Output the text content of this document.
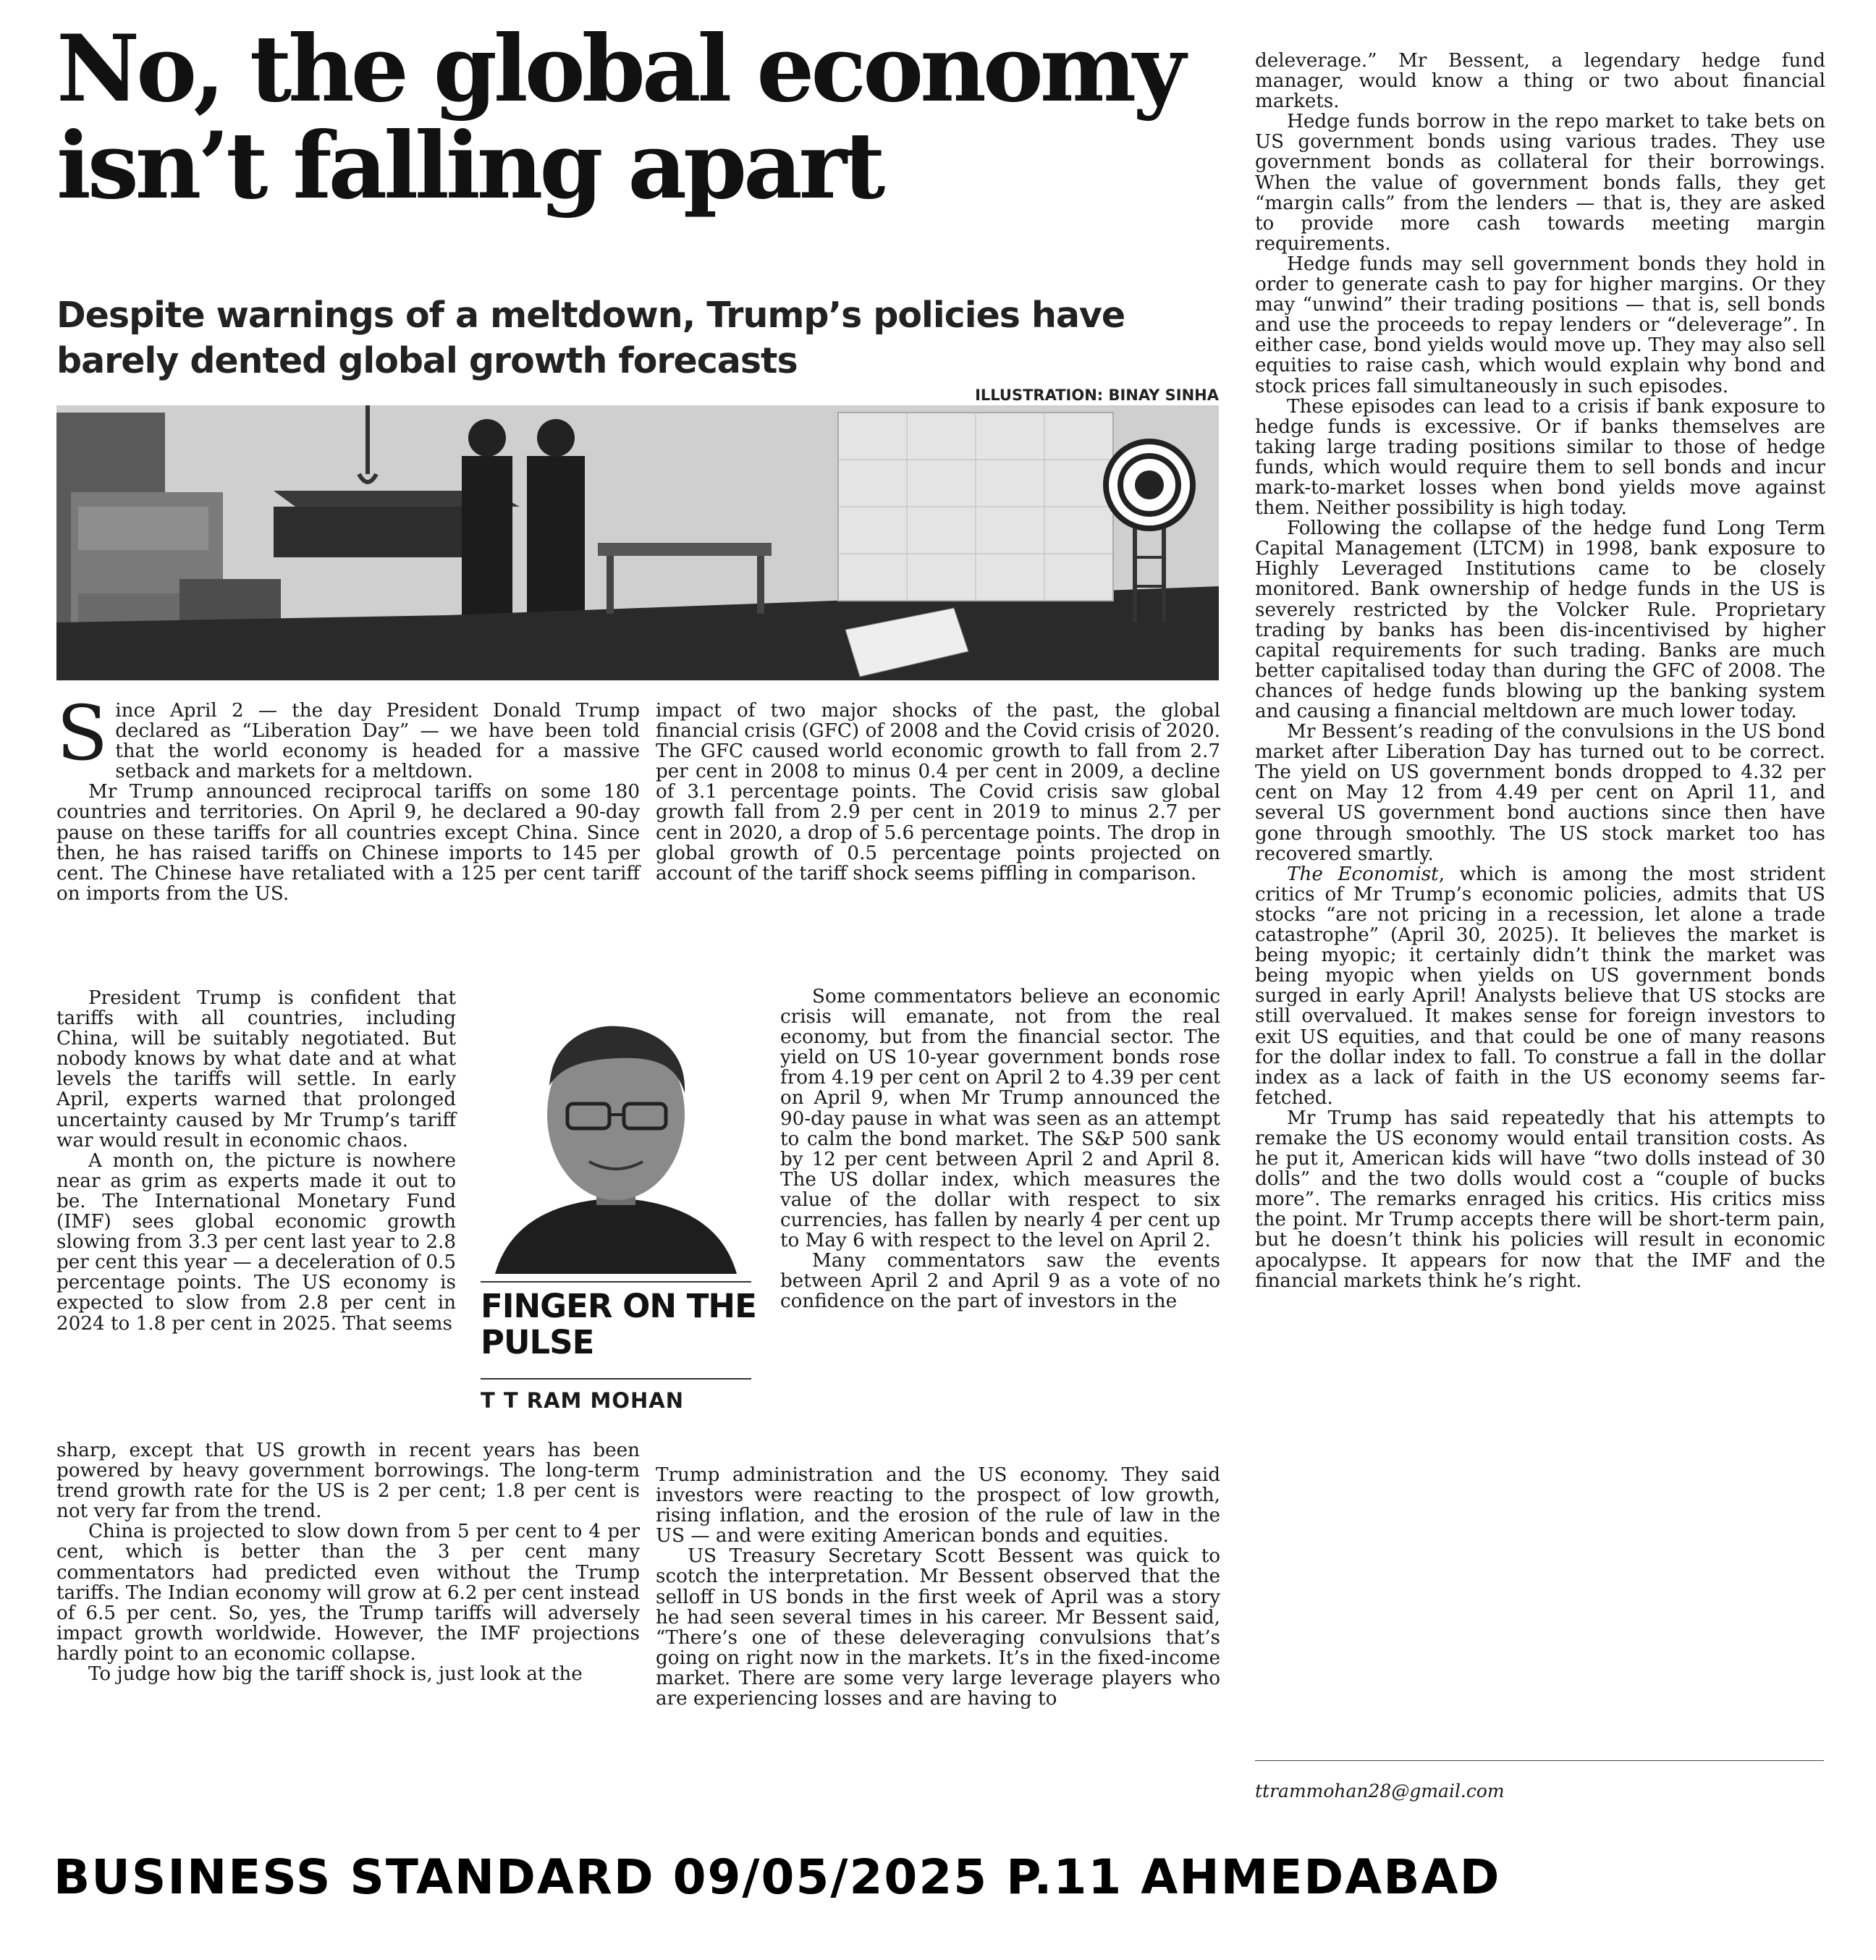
No, the global economy
isn’t falling apart
Despite warnings of a meltdown, Trump’s policies have
barely dented global growth forecasts
ILLUSTRATION: BINAY SINHA

Since April 2 — the day President Donald Trump declared as “Liberation Day” — we have been told that the world economy is headed for a massive setback and markets for a meltdown.

Mr Trump announced reciprocal tariffs on some 180 countries and territories. On April 9, he declared a 90-day pause on these tariffs for all countries except China. Since then, he has raised tariffs on Chinese imports to 145 per cent. The Chinese have retaliated with a 125 per cent tariff on imports from the US.

President Trump is confident that tariffs with all countries, including China, will be suitably negotiated. But nobody knows by what date and at what levels the tariffs will settle. In early April, experts warned that prolonged uncertainty caused by Mr Trump’s tariff war would result in economic chaos.

A month on, the picture is nowhere near as grim as experts made it out to be. The International Monetary Fund (IMF) sees global economic growth slowing from 3.3 per cent last year to 2.8 per cent this year — a deceleration of 0.5 percentage points. The US economy is expected to slow from 2.8 per cent in 2024 to 1.8 per cent in 2025. That seems

sharp, except that US growth in recent years has been powered by heavy government borrowings. The long-term trend growth rate for the US is 2 per cent; 1.8 per cent is not very far from the trend.

China is projected to slow down from 5 per cent to 4 per cent, which is better than the 3 per cent many commentators had predicted even without the Trump tariffs. The Indian economy will grow at 6.2 per cent instead of 6.5 per cent. So, yes, the Trump tariffs will adversely impact growth worldwide. However, the IMF projections hardly point to an economic collapse.

To judge how big the tariff shock is, just look at the

FINGER ON THE PULSE
T T RAM MOHAN

impact of two major shocks of the past, the global financial crisis (GFC) of 2008 and the Covid crisis of 2020. The GFC caused world economic growth to fall from 2.7 per cent in 2008 to minus 0.4 per cent in 2009, a decline of 3.1 percentage points. The Covid crisis saw global growth fall from 2.9 per cent in 2019 to minus 2.7 per cent in 2020, a drop of 5.6 percentage points. The drop in global growth of 0.5 percentage points projected on account of the tariff shock seems piffling in comparison.

Some commentators believe an economic crisis will emanate, not from the real economy, but from the financial sector. The yield on US 10-year government bonds rose from 4.19 per cent on April 2 to 4.39 per cent on April 9, when Mr Trump announced the 90-day pause in what was seen as an attempt to calm the bond market. The S&P 500 sank by 12 per cent between April 2 and April 8. The US dollar index, which measures the value of the dollar with respect to six currencies, has fallen by nearly 4 per cent up to May 6 with respect to the level on April 2.

Many commentators saw the events between April 2 and April 9 as a vote of no confidence on the part of investors in the

Trump administration and the US economy. They said investors were reacting to the prospect of low growth, rising inflation, and the erosion of the rule of law in the US — and were exiting American bonds and equities.

US Treasury Secretary Scott Bessent was quick to scotch the interpretation. Mr Bessent observed that the selloff in US bonds in the first week of April was a story he had seen several times in his career. Mr Bessent said, “There’s one of these deleveraging convulsions that’s going on right now in the markets. It’s in the fixed-income market. There are some very large leverage players who are experiencing losses and are having to

deleverage.” Mr Bessent, a legendary hedge fund manager, would know a thing or two about financial markets.

Hedge funds borrow in the repo market to take bets on US government bonds using various trades. They use government bonds as collateral for their borrowings. When the value of government bonds falls, they get “margin calls” from the lenders — that is, they are asked to provide more cash towards meeting margin requirements.

Hedge funds may sell government bonds they hold in order to generate cash to pay for higher margins. Or they may “unwind” their trading positions — that is, sell bonds and use the proceeds to repay lenders or “deleverage”. In either case, bond yields would move up. They may also sell equities to raise cash, which would explain why bond and stock prices fall simultaneously in such episodes.

These episodes can lead to a crisis if bank exposure to hedge funds is excessive. Or if banks themselves are taking large trading positions similar to those of hedge funds, which would require them to sell bonds and incur mark-to-market losses when bond yields move against them. Neither possibility is high today.

Following the collapse of the hedge fund Long Term Capital Management (LTCM) in 1998, bank exposure to Highly Leveraged Institutions came to be closely monitored. Bank ownership of hedge funds in the US is severely restricted by the Volcker Rule. Proprietary trading by banks has been dis-incentivised by higher capital requirements for such trading. Banks are much better capitalised today than during the GFC of 2008. The chances of hedge funds blowing up the banking system and causing a financial meltdown are much lower today.

Mr Bessent’s reading of the convulsions in the US bond market after Liberation Day has turned out to be correct. The yield on US government bonds dropped to 4.32 per cent on May 12 from 4.49 per cent on April 11, and several US government bond auctions since then have gone through smoothly. The US stock market too has recovered smartly.

The Economist, which is among the most strident critics of Mr Trump’s economic policies, admits that US stocks “are not pricing in a recession, let alone a trade catastrophe” (April 30, 2025). It believes the market is being myopic; it certainly didn’t think the market was being myopic when yields on US government bonds surged in early April! Analysts believe that US stocks are still overvalued. It makes sense for foreign investors to exit US equities, and that could be one of many reasons for the dollar index to fall. To construe a fall in the dollar index as a lack of faith in the US economy seems far-fetched.

Mr Trump has said repeatedly that his attempts to remake the US economy would entail transition costs. As he put it, American kids will have “two dolls instead of 30 dolls” and the two dolls would cost a “couple of bucks more”. The remarks enraged his critics. His critics miss the point. Mr Trump accepts there will be short-term pain, but he doesn’t think his policies will result in economic apocalypse. It appears for now that the IMF and the financial markets think he’s right.

ttrammohan28@gmail.com
BUSINESS STANDARD 09/05/2025 P.11 AHMEDABAD
